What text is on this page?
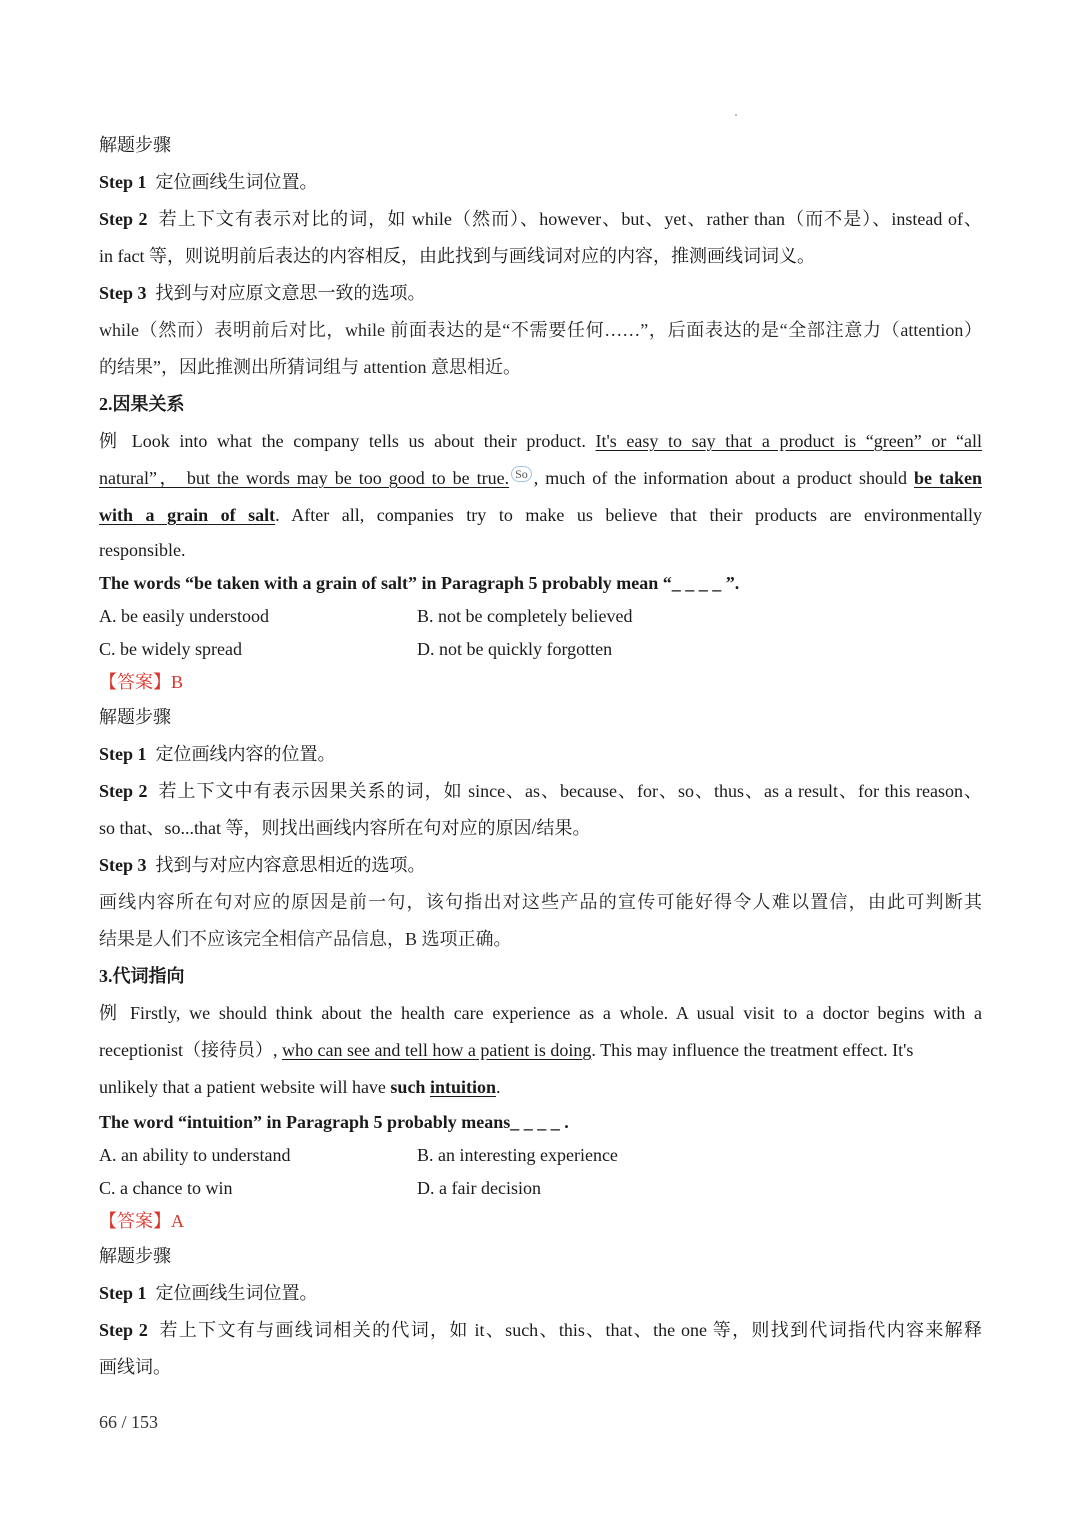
解题步骤
Step 1 定位画线生词位置。
Step 2 若上下文有表示对比的词，如 while（然而）、however、but、yet、rather than（而不是）、instead of、
in fact 等，则说明前后表达的内容相反，由此找到与画线词对应的内容，推测画线词词义。
Step 3 找到与对应原文意思一致的选项。
while（然而）表明前后对比，while 前面表达的是“不需要任何……”，后面表达的是“全部注意力（attention）
的结果”，因此推测出所猜词组与 attention 意思相近。
2.因果关系
例 Look into what the company tells us about their product. It's easy to say that a product is “green” or “all
natural”， but the words may be too good to be true. So , much of the information about a product should be taken
with a grain of salt. After all, companies try to make us believe that their products are environmentally
responsible.
The words “be taken with a grain of salt” in Paragraph 5 probably mean “_ _ _ _ ”.
A. be easily understood	B. not be completely believed
C. be widely spread	D. not be quickly forgotten
【答案】B
解题步骤
Step 1 定位画线内容的位置。
Step 2 若上下文中有表示因果关系的词，如 since、as、because、for、so、thus、as a result、for this reason、
so that、so...that 等，则找出画线内容所在句对应的原因/结果。
Step 3 找到与对应内容意思相近的选项。
画线内容所在句对应的原因是前一句，该句指出对这些产品的宣传可能好得令人难以置信，由此可判断其
结果是人们不应该完全相信产品信息，B 选项正确。
3.代词指向
例 Firstly, we should think about the health care experience as a whole. A usual visit to a doctor begins with a
receptionist（接待员）, who can see and tell how a patient is doing. This may influence the treatment effect. It's
unlikely that a patient website will have such intuition.
The word “intuition” in Paragraph 5 probably means_ _ _ _ .
A. an ability to understand	B. an interesting experience
C. a chance to win	D. a fair decision
【答案】A
解题步骤
Step 1 定位画线生词位置。
Step 2 若上下文有与画线词相关的代词，如 it、such、this、that、the one 等，则找到代词指代内容来解释
画线词。
66 / 153
